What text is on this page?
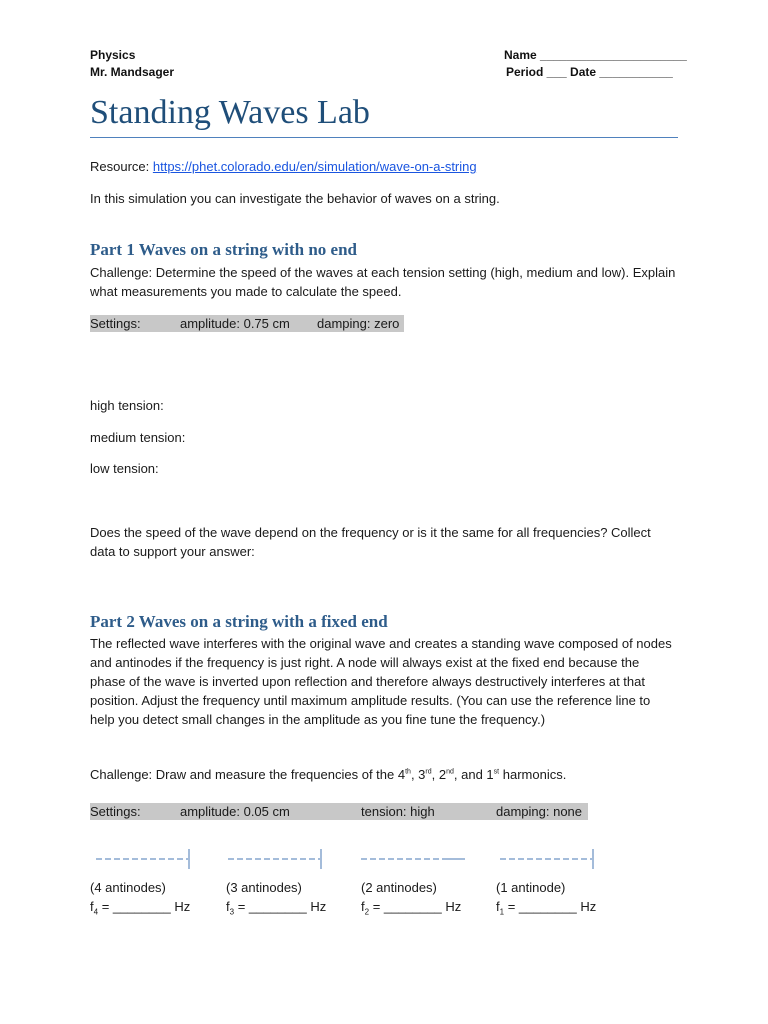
Physics
Mr. Mandsager
Name ______________________
Period ___ Date ___________
Standing Waves Lab
Resource: https://phet.colorado.edu/en/simulation/wave-on-a-string
In this simulation you can investigate the behavior of waves on a string.
Part 1 Waves on a string with no end
Challenge: Determine the speed of the waves at each tension setting (high, medium and low). Explain what measurements you made to calculate the speed.
Settings:	amplitude: 0.75 cm damping: zero
high tension:
medium tension:
low tension:
Does the speed of the wave depend on the frequency or is it the same for all frequencies? Collect data to support your answer:
Part 2 Waves on a string with a fixed end
The reflected wave interferes with the original wave and creates a standing wave composed of nodes and antinodes if the frequency is just right. A node will always exist at the fixed end because the phase of the wave is inverted upon reflection and therefore always destructively interferes at that position. Adjust the frequency until maximum amplitude results. (You can use the reference line to help you detect small changes in the amplitude as you fine tune the frequency.)
Challenge: Draw and measure the frequencies of the 4th, 3rd, 2nd, and 1st harmonics.
Settings:	amplitude: 0.05 cm	tension: high	damping: none
(4 antinodes)	(3 antinodes)	(2 antinodes)	(1 antinode)
$f_4$ = ________ Hz	$f_3$ = ________ Hz	$f_2$ = ________ Hz	$f_1$ = ________ Hz
